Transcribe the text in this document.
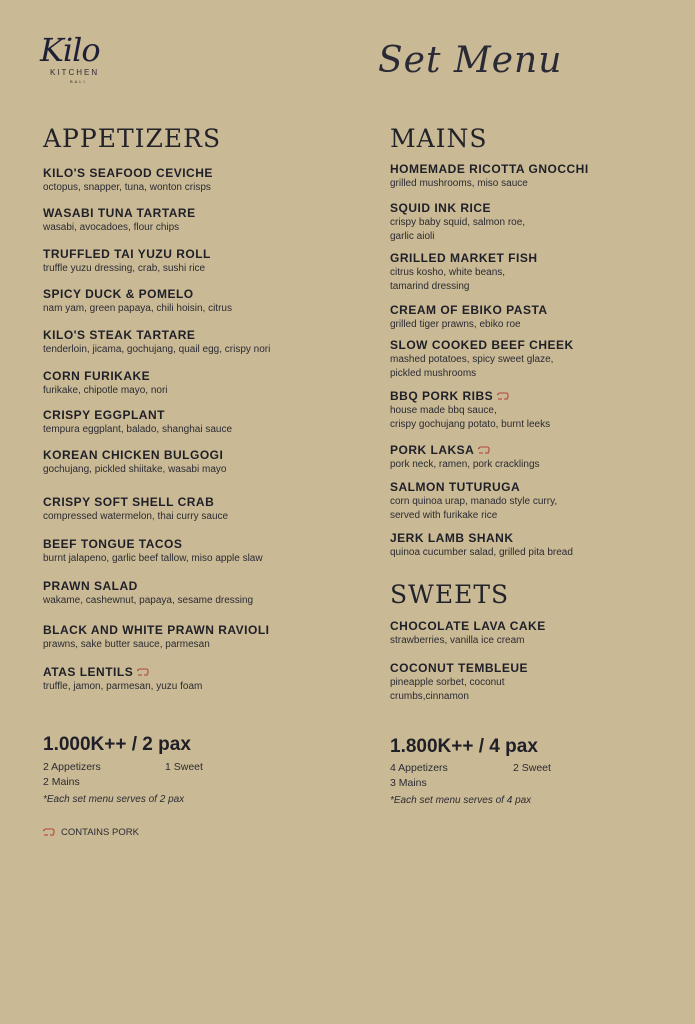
Kilo
KITCHEN
BALI
Set Menu
APPETIZERS
KILO'S SEAFOOD CEVICHE
octopus, snapper, tuna, wonton crisps
WASABI TUNA TARTARE
wasabi, avocadoes, flour chips
TRUFFLED TAI YUZU ROLL
truffle yuzu dressing, crab, sushi rice
SPICY DUCK & POMELO
nam yam, green papaya, chili hoisin, citrus
KILO'S STEAK TARTARE
tenderloin, jicama, gochujang, quail egg, crispy nori
CORN FURIKAKE
furikake, chipotle mayo, nori
CRISPY EGGPLANT
tempura eggplant, balado, shanghai sauce
KOREAN CHICKEN BULGOGI
gochujang, pickled shiitake, wasabi mayo
CRISPY SOFT SHELL CRAB
compressed watermelon, thai curry sauce
BEEF TONGUE TACOS
burnt jalapeno, garlic beef tallow, miso apple slaw
PRAWN SALAD
wakame, cashewnut, papaya, sesame dressing
BLACK AND WHITE PRAWN RAVIOLI
prawns, sake butter sauce, parmesan
ATAS LENTILS
truffle, jamon, parmesan, yuzu foam
MAINS
HOMEMADE RICOTTA GNOCCHI
grilled mushrooms, miso sauce
SQUID INK RICE
crispy baby squid, salmon roe,
garlic aioli
GRILLED MARKET FISH
citrus kosho, white beans,
tamarind dressing
CREAM OF EBIKO PASTA
grilled tiger prawns, ebiko roe
SLOW COOKED BEEF CHEEK
mashed potatoes, spicy sweet glaze,
pickled mushrooms
BBQ PORK RIBS
house made bbq sauce,
crispy gochujang potato, burnt leeks
PORK LAKSA
pork neck, ramen, pork cracklings
SALMON TUTURUGA
corn quinoa urap, manado style curry,
served with furikake rice
JERK LAMB SHANK
quinoa cucumber salad, grilled pita bread
SWEETS
CHOCOLATE LAVA CAKE
strawberries, vanilla ice cream
COCONUT TEMBLEUE
pineapple sorbet, coconut
crumbs,cinnamon
1.000K++ / 2 pax
2 Appetizers	1 Sweet
2 Mains
*Each set menu serves of 2 pax
1.800K++ / 4 pax
4 Appetizers	2 Sweet
3 Mains
*Each set menu serves of 4 pax
CONTAINS PORK
